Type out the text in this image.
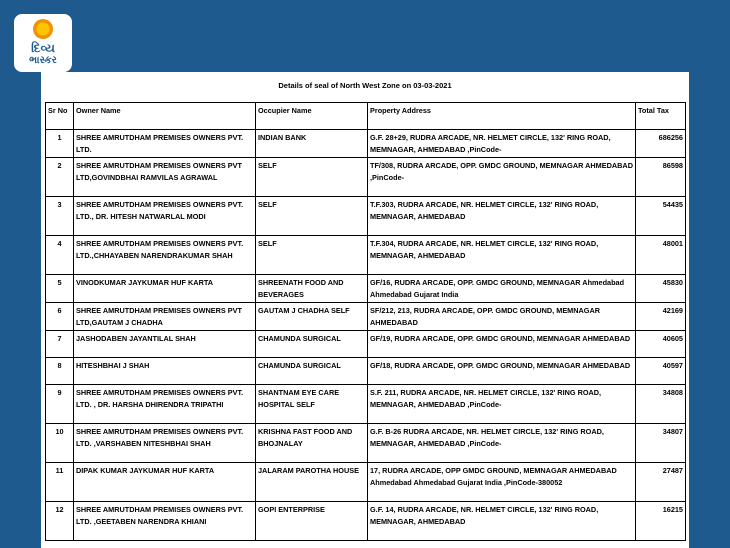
દિવ્ય
ભાસ્કર
Details of seal of North West Zone on 03-03-2021
Sr No	Owner Name	Occupier Name	Property Address	Total Tax
1	SHREE AMRUTDHAM PREMISES OWNERS PVT. LTD.	INDIAN BANK	G.F. 28+29, RUDRA ARCADE, NR. HELMET CIRCLE, 132' RING ROAD, MEMNAGAR, AHMEDABAD ,PinCode-	686256
2	SHREE AMRUTDHAM PREMISES OWNERS PVT LTD,GOVINDBHAI RAMVILAS AGRAWAL	SELF	TF/308, RUDRA ARCADE, OPP. GMDC GROUND, MEMNAGAR AHMEDABAD ,PinCode-	86598
3	SHREE AMRUTDHAM PREMISES OWNERS PVT. LTD., DR. HITESH NATWARLAL MODI	SELF	T.F.303, RUDRA ARCADE, NR. HELMET CIRCLE, 132' RING ROAD, MEMNAGAR, AHMEDABAD	54435
4	SHREE AMRUTDHAM PREMISES OWNERS PVT. LTD.,CHHAYABEN NARENDRAKUMAR SHAH	SELF	T.F.304, RUDRA ARCADE, NR. HELMET CIRCLE, 132' RING ROAD, MEMNAGAR, AHMEDABAD	48001
5	VINODKUMAR JAYKUMAR HUF KARTA	SHREENATH FOOD AND BEVERAGES	GF/16, RUDRA ARCADE, OPP. GMDC GROUND, MEMNAGAR Ahmedabad Ahmedabad Gujarat India	45830
6	SHREE AMRUTDHAM PREMISES OWNERS PVT LTD,GAUTAM J CHADHA	GAUTAM J CHADHA SELF	SF/212, 213, RUDRA ARCADE, OPP. GMDC GROUND, MEMNAGAR AHMEDABAD	42169
7	JASHODABEN JAYANTILAL SHAH	CHAMUNDA SURGICAL	GF/19, RUDRA ARCADE, OPP. GMDC GROUND, MEMNAGAR AHMEDABAD	40605
8	HITESHBHAI J SHAH	CHAMUNDA SURGICAL	GF/18, RUDRA ARCADE, OPP. GMDC GROUND, MEMNAGAR AHMEDABAD	40597
9	SHREE AMRUTDHAM PREMISES OWNERS PVT. LTD. , DR. HARSHA DHIRENDRA TRIPATHI	SHANTNAM EYE CARE HOSPITAL SELF	S.F. 211, RUDRA ARCADE, NR. HELMET CIRCLE, 132' RING ROAD, MEMNAGAR, AHMEDABAD ,PinCode-	34808
10	SHREE AMRUTDHAM PREMISES OWNERS PVT. LTD. ,VARSHABEN NITESHBHAI SHAH	KRISHNA FAST FOOD AND BHOJNALAY	G.F. B-26 RUDRA ARCADE, NR. HELMET CIRCLE, 132' RING ROAD, MEMNAGAR, AHMEDABAD ,PinCode-	34807
11	DIPAK KUMAR JAYKUMAR HUF KARTA	JALARAM PAROTHA HOUSE	17, RUDRA ARCADE, OPP GMDC GROUND, MEMNAGAR AHMEDABAD Ahmedabad Ahmedabad Gujarat India ,PinCode-380052	27487
12	SHREE AMRUTDHAM PREMISES OWNERS PVT. LTD. ,GEETABEN NARENDRA KHIANI	GOPI ENTERPRISE	G.F. 14, RUDRA ARCADE, NR. HELMET CIRCLE, 132' RING ROAD, MEMNAGAR, AHMEDABAD	16215
